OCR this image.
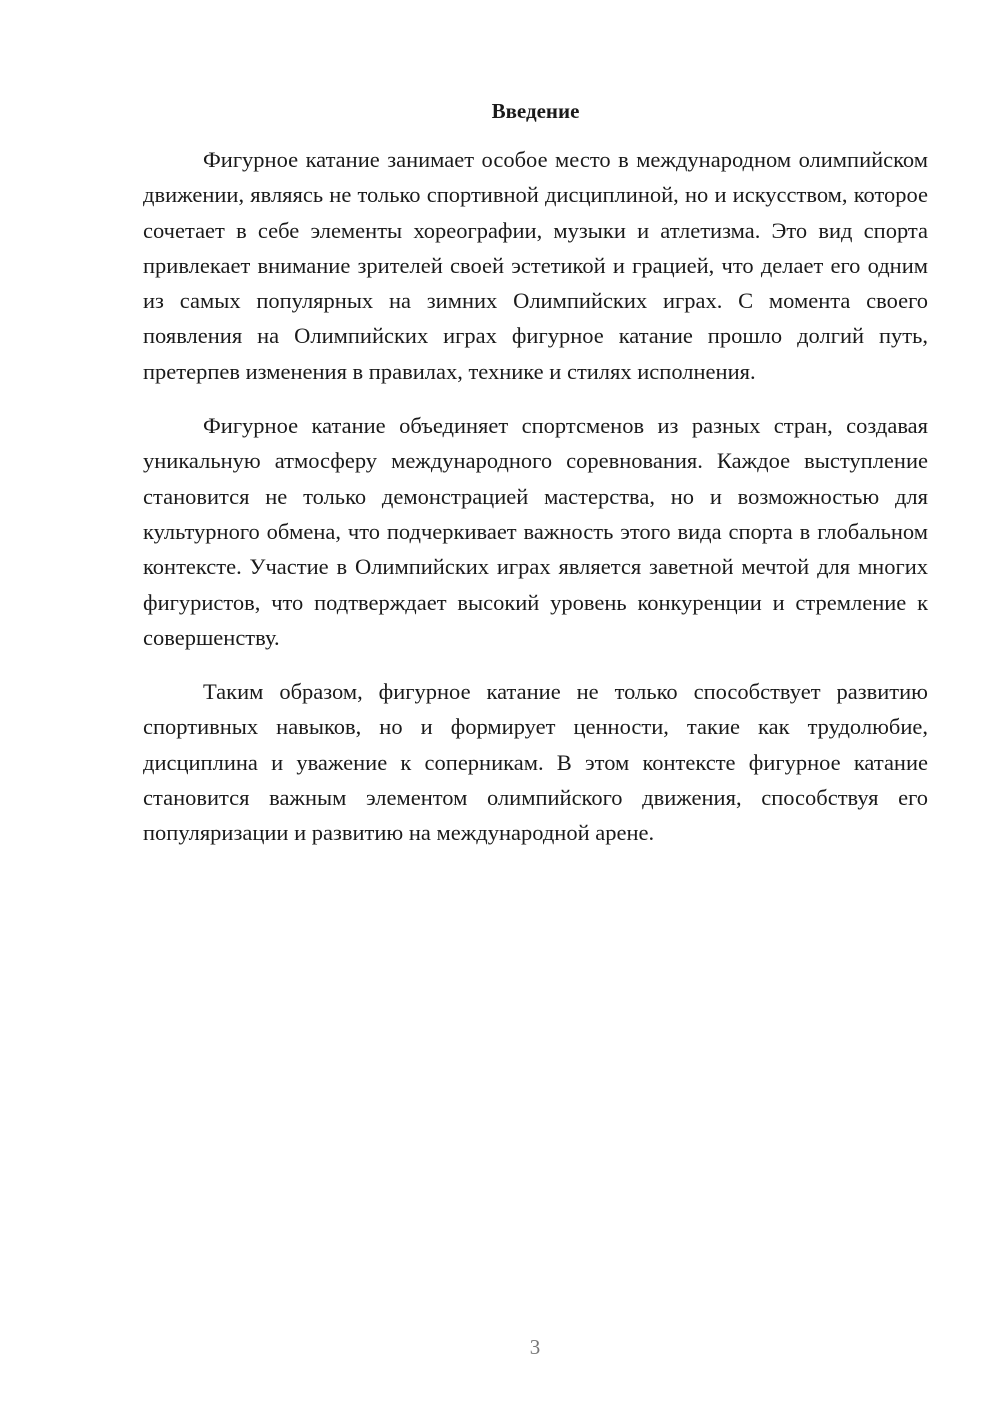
Введение

Фигурное катание занимает особое место в международном олимпийском движении, являясь не только спортивной дисциплиной, но и искусством, которое сочетает в себе элементы хореографии, музыки и атлетизма. Это вид спорта привлекает внимание зрителей своей эстетикой и грацией, что делает его одним из самых популярных на зимних Олимпийских играх. С момента своего появления на Олимпийских играх фигурное катание прошло долгий путь, претерпев изменения в правилах, технике и стилях исполнения.

Фигурное катание объединяет спортсменов из разных стран, создавая уникальную атмосферу международного соревнования. Каждое выступление становится не только демонстрацией мастерства, но и возможностью для культурного обмена, что подчеркивает важность этого вида спорта в глобальном контексте. Участие в Олимпийских играх является заветной мечтой для многих фигуристов, что подтверждает высокий уровень конкуренции и стремление к совершенству.

Таким образом, фигурное катание не только способствует развитию спортивных навыков, но и формирует ценности, такие как трудолюбие, дисциплина и уважение к соперникам. В этом контексте фигурное катание становится важным элементом олимпийского движения, способствуя его популяризации и развитию на международной арене.

3
